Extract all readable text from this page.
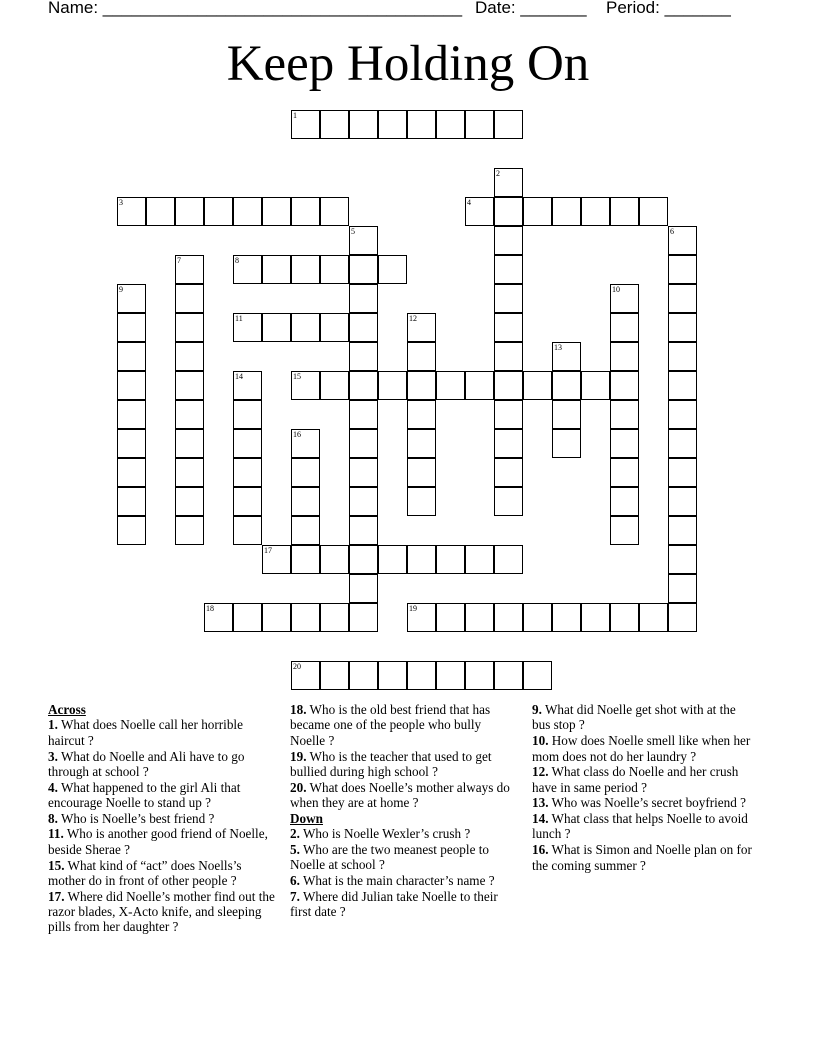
Name: ______________________________________ Date: _______ Period: _______
Keep Holding On
1
2
3	4
5	6
7	8
9	10
11	12
13
14	15
16
17
18	19
20
Across
1. What does Noelle call her horrible haircut ?
3. What do Noelle and Ali have to go through at school ?
4. What happened to the girl Ali that encourage Noelle to stand up ?
8. Who is Noelle’s best friend ?
11. Who is another good friend of Noelle, beside Sherae ?
15. What kind of “act” does Noells’s mother do in front of other people ?
17. Where did Noelle’s mother find out the razor blades, X-Acto knife, and sleeping pills from her daughter ?
18. Who is the old best friend that has became one of the people who bully Noelle ?
19. Who is the teacher that used to get bullied during high school ?
20. What does Noelle’s mother always do when they are at home ?
Down
2. Who is Noelle Wexler’s crush ?
5. Who are the two meanest people to Noelle at school ?
6. What is the main character’s name ?
7. Where did Julian take Noelle to their first date ?
9. What did Noelle get shot with at the bus stop ?
10. How does Noelle smell like when her mom does not do her laundry ?
12. What class do Noelle and her crush have in same period ?
13. Who was Noelle’s secret boyfriend ?
14. What class that helps Noelle to avoid lunch ?
16. What is Simon and Noelle plan on for the coming summer ?
